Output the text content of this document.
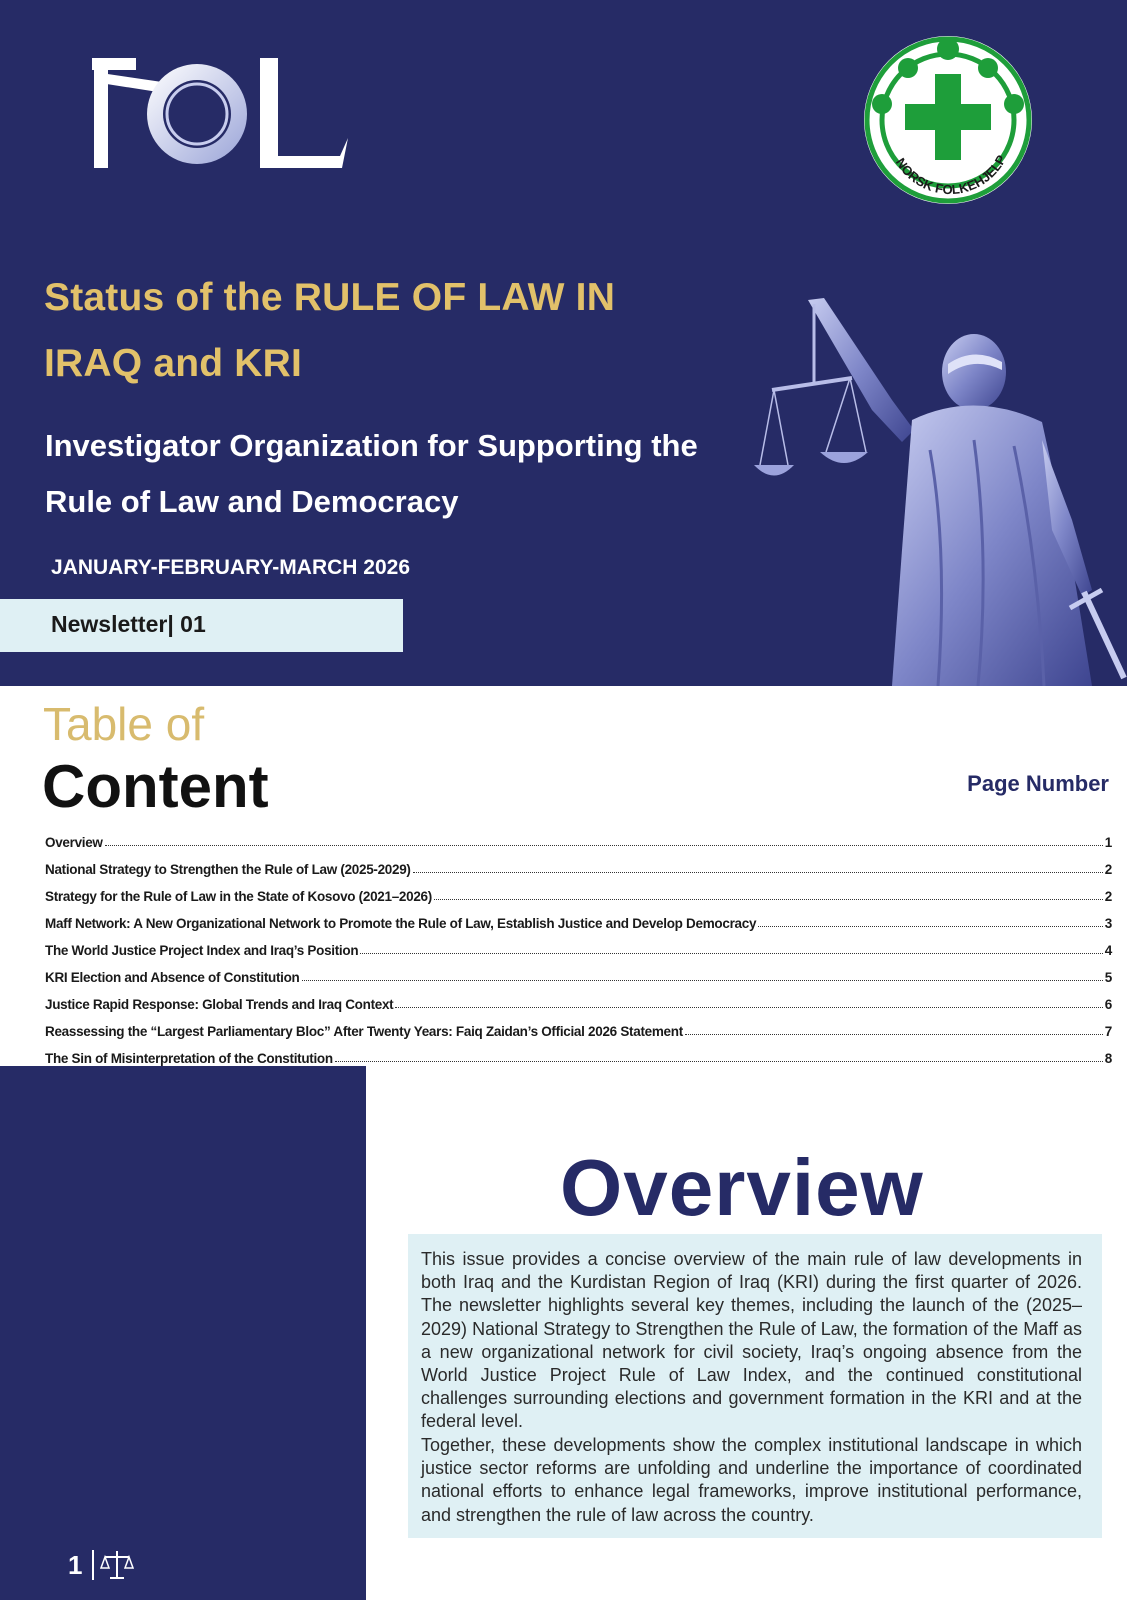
NORSK FOLKEHJELP
Status of the RULE OF LAW IN
IRAQ and KRI
Investigator Organization for Supporting the
Rule of Law and Democracy
JANUARY-FEBRUARY-MARCH 2026
Newsletter| 01
Table of
Content	Page Number
Overview	1
National Strategy to Strengthen the Rule of Law (2025-2029)	2
Strategy for the Rule of Law in the State of Kosovo (2021–2026)	2
Maff Network: A New Organizational Network to Promote the Rule of Law, Establish Justice and Develop Democracy	3
The World Justice Project Index and Iraq’s Position	4
KRI Election and Absence of Constitution	5
Justice Rapid Response: Global Trends and Iraq Context	6
Reassessing the “Largest Parliamentary Bloc” After Twenty Years: Faiq Zaidan’s Official 2026 Statement	7
The Sin of Misinterpretation of the Constitution	8
1
Overview

This issue provides a concise overview of the main rule of law developments in both Iraq and the Kurdistan Region of Iraq (KRI) during the first quarter of 2026. The newsletter highlights several key themes, including the launch of the (2025–2029) National Strategy to Strengthen the Rule of Law, the formation of the Maff as a new organizational network for civil society, Iraq’s ongoing absence from the World Justice Project Rule of Law Index, and the continued constitutional challenges surrounding elections and government formation in the KRI and at the federal level.

Together, these developments show the complex institutional landscape in which justice sector reforms are unfolding and underline the importance of coordinated national efforts to enhance legal frameworks, improve institutional performance, and strengthen the rule of law across the country.
